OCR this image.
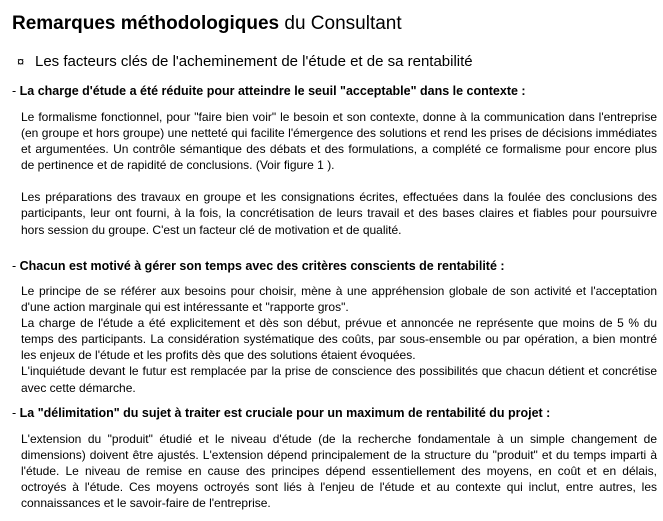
Remarques méthodologiques du Consultant
¤ Les facteurs clés de l'acheminement de l'étude et de sa rentabilité
- La charge d'étude a été réduite pour atteindre le seuil "acceptable" dans le contexte :

Le formalisme fonctionnel, pour "faire bien voir" le besoin et son contexte, donne à la communication dans l'entreprise (en groupe et hors groupe) une netteté qui facilite l'émergence des solutions et rend les prises de décisions immédiates et argumentées. Un contrôle sémantique des débats et des formulations, a complété ce formalisme pour encore plus de pertinence et de rapidité de conclusions. (Voir figure 1 ).

Les préparations des travaux en groupe et les consignations écrites, effectuées dans la foulée des conclusions des participants, leur ont fourni, à la fois, la concrétisation de leurs travail et des bases claires et fiables pour poursuivre hors session du groupe. C'est un facteur clé de motivation et de qualité.

- Chacun est motivé à gérer son temps avec des critères conscients de rentabilité :

Le principe de se référer aux besoins pour choisir, mène à une appréhension globale de son activité et l'acceptation d'une action marginale qui est intéressante et "rapporte gros".

La charge de l'étude a été explicitement et dès son début, prévue et annoncée ne représente que moins de 5 % du temps des participants. La considération systématique des coûts, par sous-ensemble ou par opération, a bien montré les enjeux de l'étude et les profits dès que des solutions étaient évoquées.

L'inquiétude devant le futur est remplacée par la prise de conscience des possibilités que chacun détient et concrétise avec cette démarche.

- La "délimitation" du sujet à traiter est cruciale pour un maximum de rentabilité du projet :

L'extension du "produit" étudié et le niveau d'étude (de la recherche fondamentale à un simple changement de dimensions) doivent être ajustés. L'extension dépend principalement de la structure du "produit" et du temps imparti à l'étude. Le niveau de remise en cause des principes dépend essentiellement des moyens, en coût et en délais, octroyés à l'étude. Ces moyens octroyés sont liés à l'enjeu de l'étude et au contexte qui inclut, entre autres, les connaissances et le savoir-faire de l'entreprise.
